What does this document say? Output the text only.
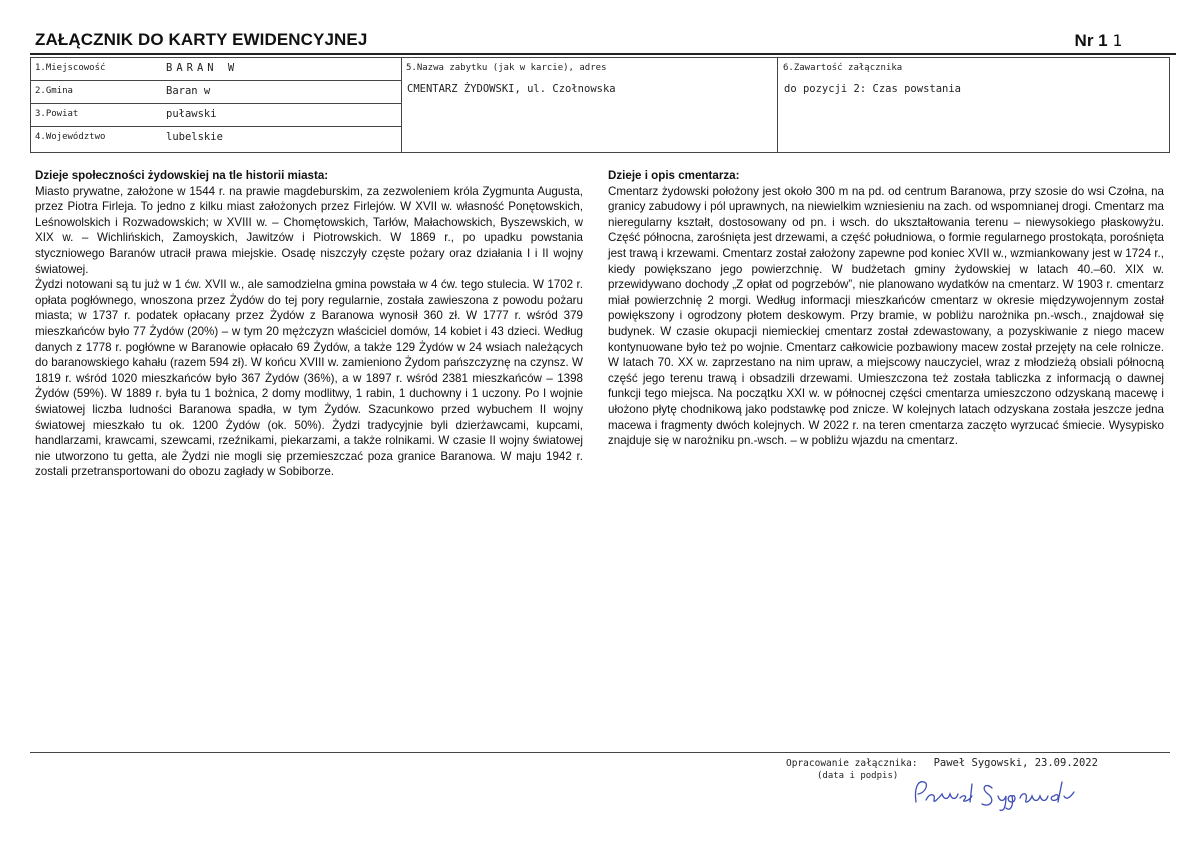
ZAŁĄCZNIK DO KARTY EWIDENCYJNEJ	Nr 1 1
1.Miejscowość	BARAN W
2.Gmina	Baran w
3.Powiat	puławski
4.Województwo	lubelskie
5.Nazwa zabytku (jak w karcie), adres
CMENTARZ ŻYDOWSKI, ul. Czołnowska
6.Zawartość załącznika
do pozycji 2: Czas powstania
Dzieje społeczności żydowskiej na tle historii miasta:

Miasto prywatne, założone w 1544 r. na prawie magdeburskim, za zezwoleniem króla Zygmunta Augusta, przez Piotra Firleja. To jedno z kilku miast założonych przez Firlejów. W XVII w. własność Ponętowskich, Leśnowolskich i Rozwadowskich; w XVIII w. – Chomętowskich, Tarłów, Małachowskich, Byszewskich, w XIX w. – Wichlińskich, Zamoyskich, Jawitzów i Piotrowskich. W 1869 r., po upadku powstania styczniowego Baranów utracił prawa miejskie. Osadę niszczyły częste pożary oraz działania I i II wojny światowej.

Żydzi notowani są tu już w 1 ćw. XVII w., ale samodzielna gmina powstała w 4 ćw. tego stulecia. W 1702 r. opłata pogłównego, wnoszona przez Żydów do tej pory regularnie, została zawieszona z powodu pożaru miasta; w 1737 r. podatek opłacany przez Żydów z Baranowa wynosił 360 zł. W 1777 r. wśród 379 mieszkańców było 77 Żydów (20%) – w tym 20 mężczyzn właściciel domów, 14 kobiet i 43 dzieci. Według danych z 1778 r. pogłówne w Baranowie opłacało 69 Żydów, a także 129 Żydów w 24 wsiach należących do baranowskiego kahału (razem 594 zł). W końcu XVIII w. zamieniono Żydom pańszczyznę na czynsz. W 1819 r. wśród 1020 mieszkańców było 367 Żydów (36%), a w 1897 r. wśród 2381 mieszkańców – 1398 Żydów (59%). W 1889 r. była tu 1 bożnica, 2 domy modlitwy, 1 rabin, 1 duchowny i 1 uczony. Po I wojnie światowej liczba ludności Baranowa spadła, w tym Żydów. Szacunkowo przed wybuchem II wojny światowej mieszkało tu ok. 1200 Żydów (ok. 50%). Żydzi tradycyjnie byli dzierżawcami, kupcami, handlarzami, krawcami, szewcami, rzeźnikami, piekarzami, a także rolnikami. W czasie II wojny światowej nie utworzono tu getta, ale Żydzi nie mogli się przemieszczać poza granice Baranowa. W maju 1942 r. zostali przetransportowani do obozu zagłady w Sobiborze.

Dzieje i opis cmentarza:

Cmentarz żydowski położony jest około 300 m na pd. od centrum Baranowa, przy szosie do wsi Czołna, na granicy zabudowy i pól uprawnych, na niewielkim wzniesieniu na zach. od wspomnianej drogi. Cmentarz ma nieregularny kształt, dostosowany od pn. i wsch. do ukształtowania terenu – niewysokiego płaskowyżu. Część północna, zarośnięta jest drzewami, a część południowa, o formie regularnego prostokąta, porośnięta jest trawą i krzewami. Cmentarz został założony zapewne pod koniec XVII w., wzmiankowany jest w 1724 r., kiedy powiększano jego powierzchnię. W budżetach gminy żydowskiej w latach 40.–60. XIX w. przewidywano dochody „Z opłat od pogrzebów”, nie planowano wydatków na cmentarz. W 1903 r. cmentarz miał powierzchnię 2 morgi. Według informacji mieszkańców cmentarz w okresie międzywojennym został powiększony i ogrodzony płotem deskowym. Przy bramie, w pobliżu narożnika pn.-wsch., znajdował się budynek. W czasie okupacji niemieckiej cmentarz został zdewastowany, a pozyskiwanie z niego macew kontynuowane było też po wojnie. Cmentarz całkowicie pozbawiony macew został przejęty na cele rolnicze. W latach 70. XX w. zaprzestano na nim upraw, a miejscowy nauczyciel, wraz z młodzieżą obsiali północną część jego terenu trawą i obsadzili drzewami. Umieszczona też została tabliczka z informacją o dawnej funkcji tego miejsca. Na początku XXI w. w północnej części cmentarza umieszczono odzyskaną macewę i ułożono płytę chodnikową jako podstawkę pod znicze. W kolejnych latach odzyskana została jeszcze jedna macewa i fragmenty dwóch kolejnych. W 2022 r. na teren cmentarza zaczęto wyrzucać śmiecie. Wysypisko znajduje się w narożniku pn.-wsch. – w pobliżu wjazdu na cmentarz.

Opracowanie załącznika: Paweł Sygowski, 23.09.2022
(data i podpis)
